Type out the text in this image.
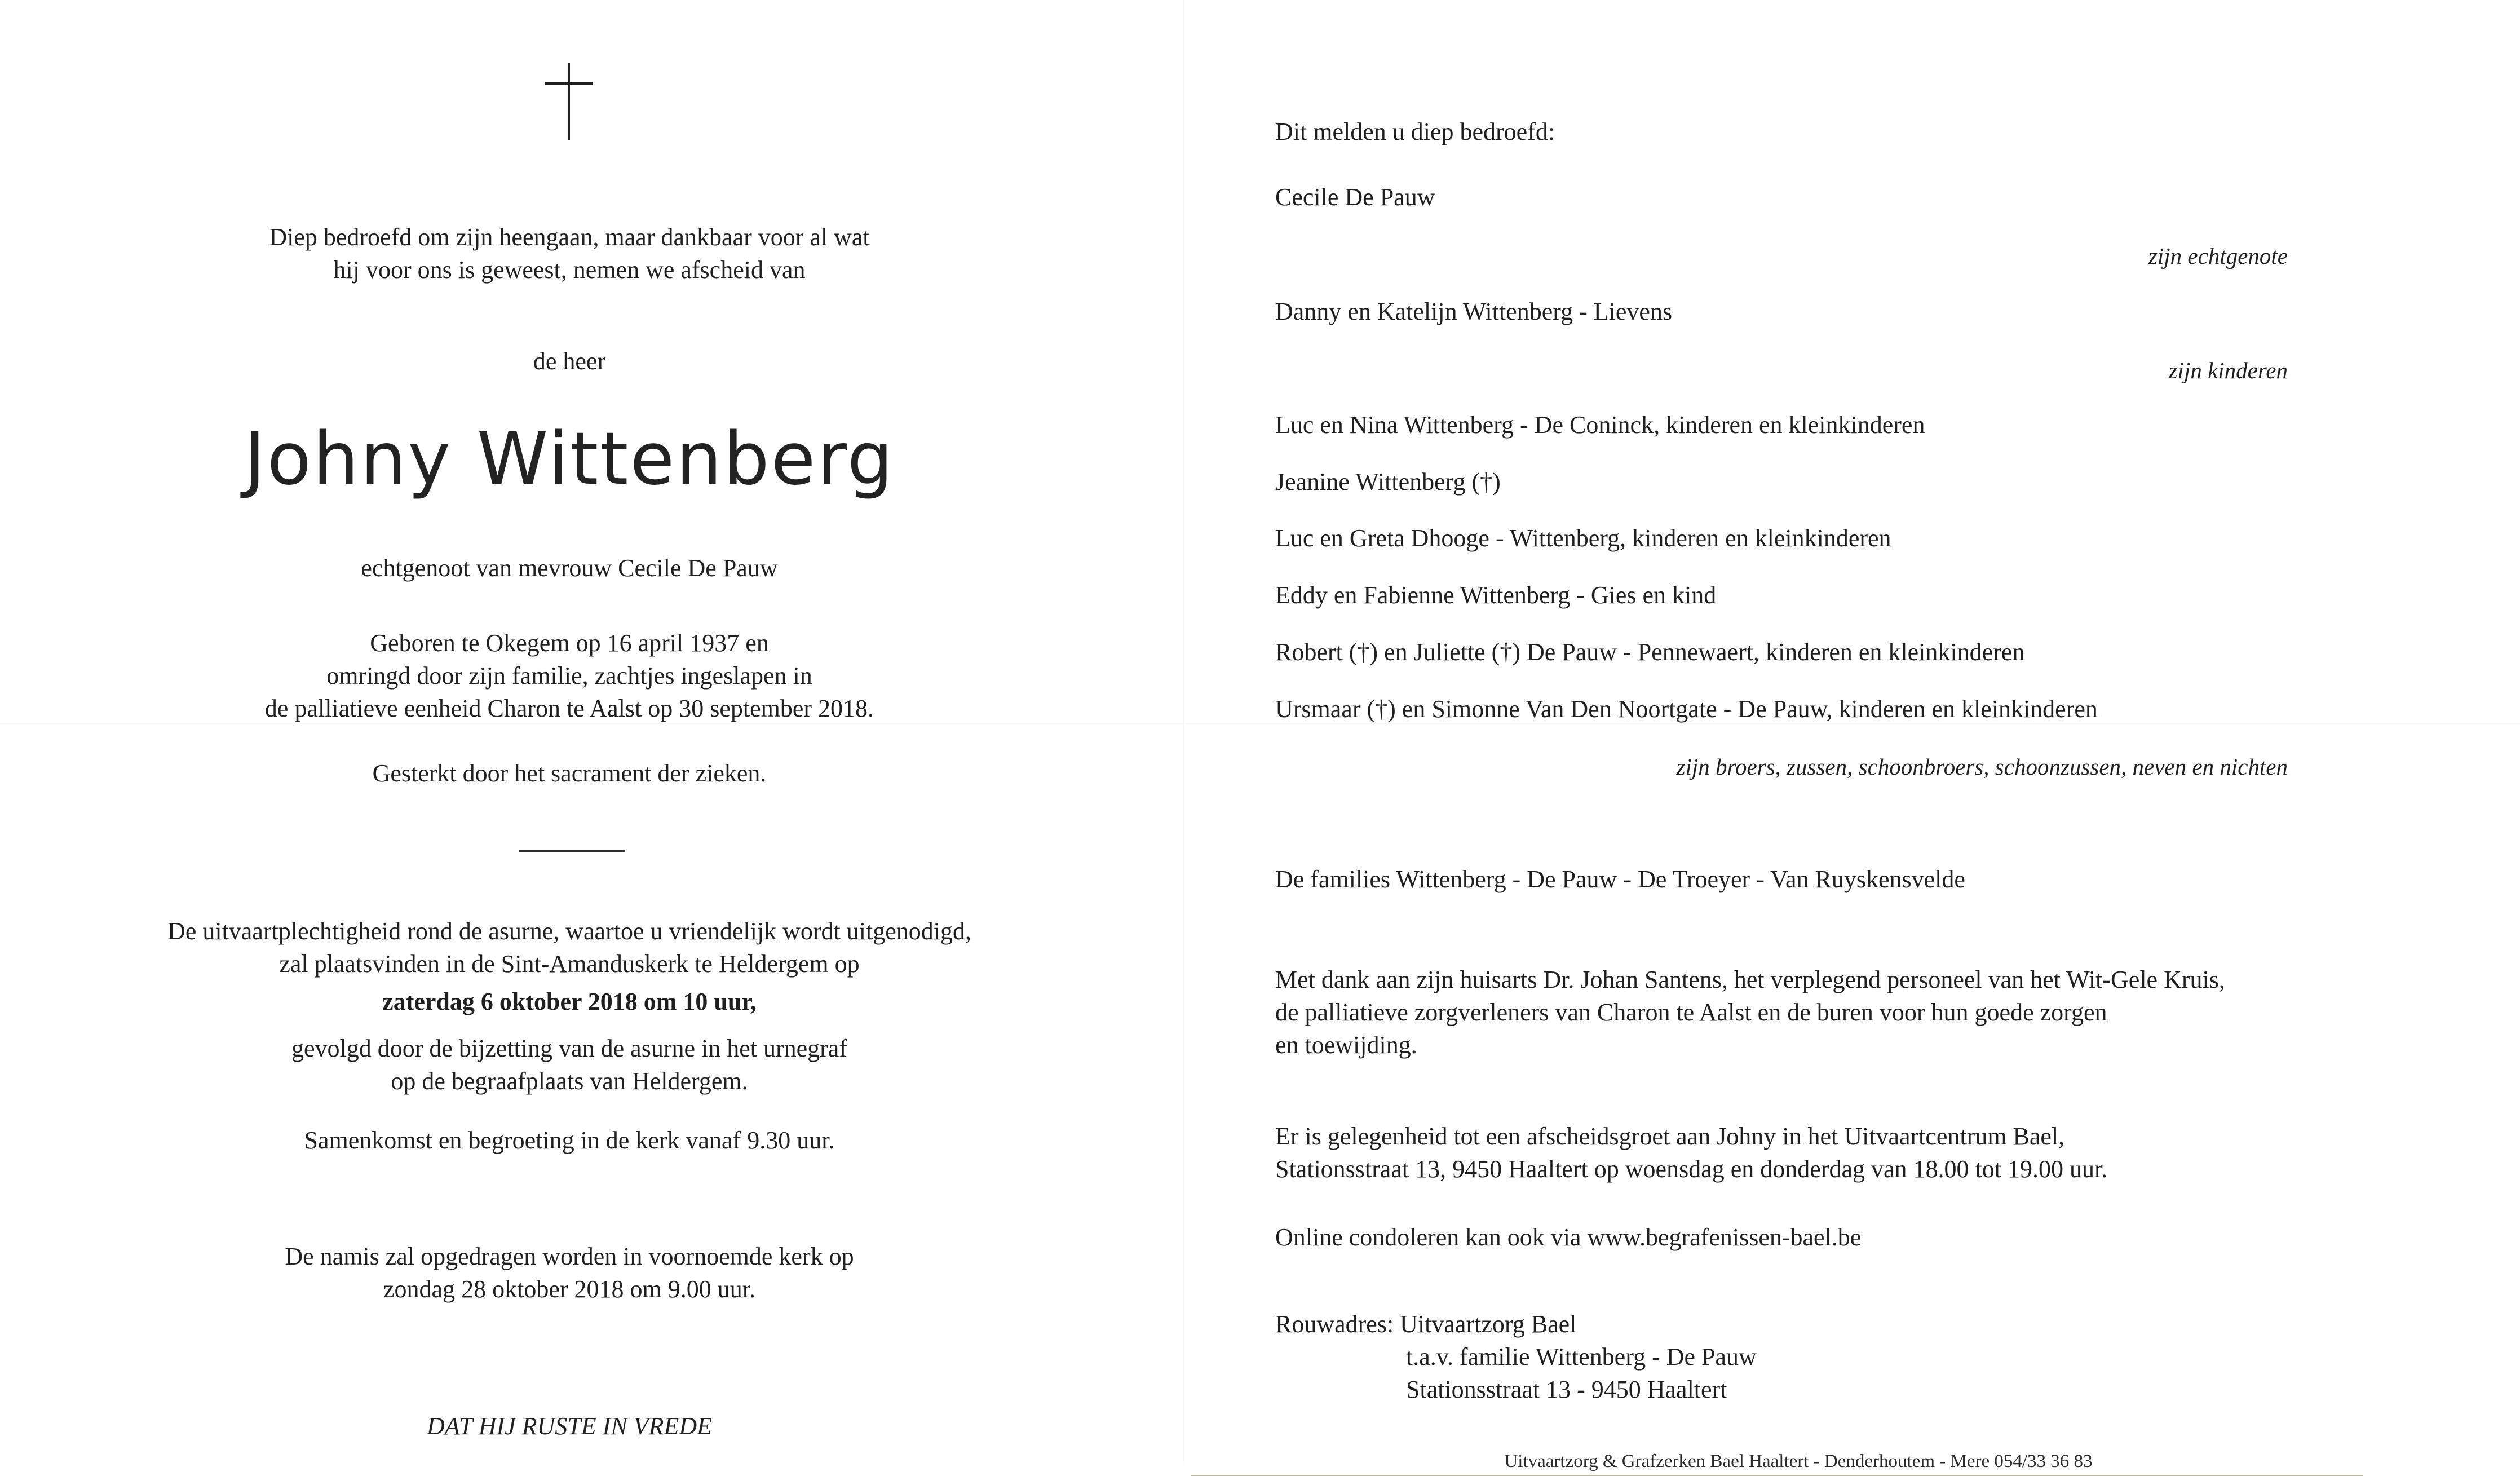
Diep bedroefd om zijn heengaan, maar dankbaar voor al wat

hij voor ons is geweest, nemen we afscheid van

de heer
Johny Wittenberg
echtgenoot van mevrouw Cecile De Pauw

Geboren te Okegem op 16 april 1937 en

omringd door zijn familie, zachtjes ingeslapen in

de palliatieve eenheid Charon te Aalst op 30 september 2018.

Gesterkt door het sacrament der zieken.

De uitvaartplechtigheid rond de asurne, waartoe u vriendelijk wordt uitgenodigd,

zal plaatsvinden in de Sint-Amanduskerk te Heldergem op

zaterdag 6 oktober 2018 om 10 uur,

gevolgd door de bijzetting van de asurne in het urnegraf

op de begraafplaats van Heldergem.

Samenkomst en begroeting in de kerk vanaf 9.30 uur.

De namis zal opgedragen worden in voornoemde kerk op

zondag 28 oktober 2018 om 9.00 uur.

DAT HIJ RUSTE IN VREDE
Dit melden u diep bedroefd:
Cecile De Pauw
zijn echtgenote
Danny en Katelijn Wittenberg - Lievens
zijn kinderen
Luc en Nina Wittenberg - De Coninck, kinderen en kleinkinderen
Jeanine Wittenberg (†)
Luc en Greta Dhooge - Wittenberg, kinderen en kleinkinderen
Eddy en Fabienne Wittenberg - Gies en kind
Robert (†) en Juliette (†) De Pauw - Pennewaert, kinderen en kleinkinderen
Ursmaar (†) en Simonne Van Den Noortgate - De Pauw, kinderen en kleinkinderen
zijn broers, zussen, schoonbroers, schoonzussen, neven en nichten
De families Wittenberg - De Pauw - De Troeyer - Van Ruyskensvelde

Met dank aan zijn huisarts Dr. Johan Santens, het verplegend personeel van het Wit-Gele Kruis,

de palliatieve zorgverleners van Charon te Aalst en de buren voor hun goede zorgen

en toewijding.

Er is gelegenheid tot een afscheidsgroet aan Johny in het Uitvaartcentrum Bael,

Stationsstraat 13, 9450 Haaltert op woensdag en donderdag van 18.00 tot 19.00 uur.

Online condoleren kan ook via www.begrafenissen-bael.be

Rouwadres: Uitvaartzorg Bael

t.a.v. familie Wittenberg - De Pauw

Stationsstraat 13 - 9450 Haaltert

Uitvaartzorg & Grafzerken Bael Haaltert - Denderhoutem - Mere 054/33 36 83
